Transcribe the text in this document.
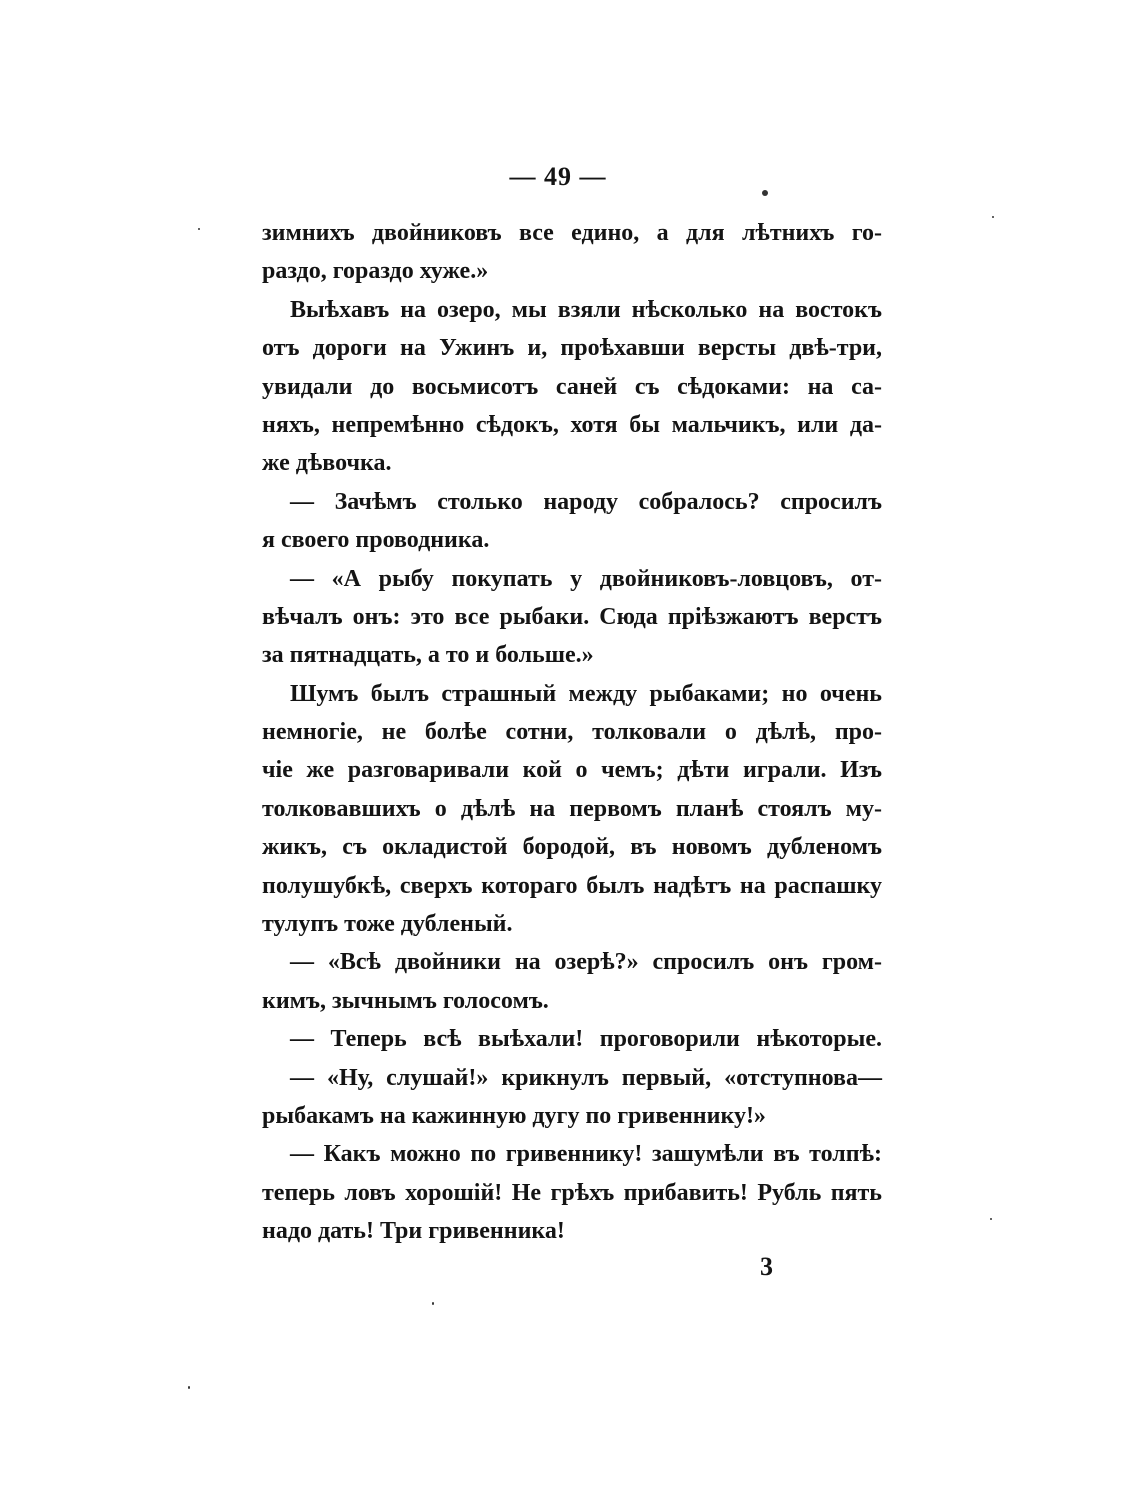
— 49 —
зимнихъ двойниковъ все едино, а для лѣтнихъ го-
раздо, гораздо хуже.»
Выѣхавъ на озеро, мы взяли нѣсколько на востокъ
отъ дороги на Ужинъ и, проѣхавши версты двѣ-три,
увидали до восьмисотъ саней съ сѣдоками: на са-
няхъ, непремѣнно сѣдокъ, хотя бы мальчикъ, или да-
же дѣвочка.
— Зачѣмъ столько народу собралось? спросилъ
я своего проводника.
— «А рыбу покупать у двойниковъ-ловцовъ, от-
вѣчалъ онъ: это все рыбаки. Сюда пріѣзжаютъ верстъ
за пятнадцать, а то и больше.»
Шумъ былъ страшный между рыбаками; но очень
немногіе, не болѣе сотни, толковали о дѣлѣ, про-
чіе же разговаривали кой о чемъ; дѣти играли. Изъ
толковавшихъ о дѣлѣ на первомъ планѣ стоялъ му-
жикъ, съ окладистой бородой, въ новомъ дубленомъ
полушубкѣ, сверхъ котораго былъ надѣтъ на распашку
тулупъ тоже дубленый.
— «Всѣ двойники на озерѣ?» спросилъ онъ гром-
кимъ, зычнымъ голосомъ.
— Теперь всѣ выѣхали! проговорили нѣкоторые.
— «Ну, слушай!» крикнулъ первый, «отступнова—
рыбакамъ на кажинную дугу по гривеннику!»
— Какъ можно по гривеннику! зашумѣли въ толпѣ:
теперь ловъ хорошій! Не грѣхъ прибавить! Рубль пять
надо дать! Три гривенника!
3
